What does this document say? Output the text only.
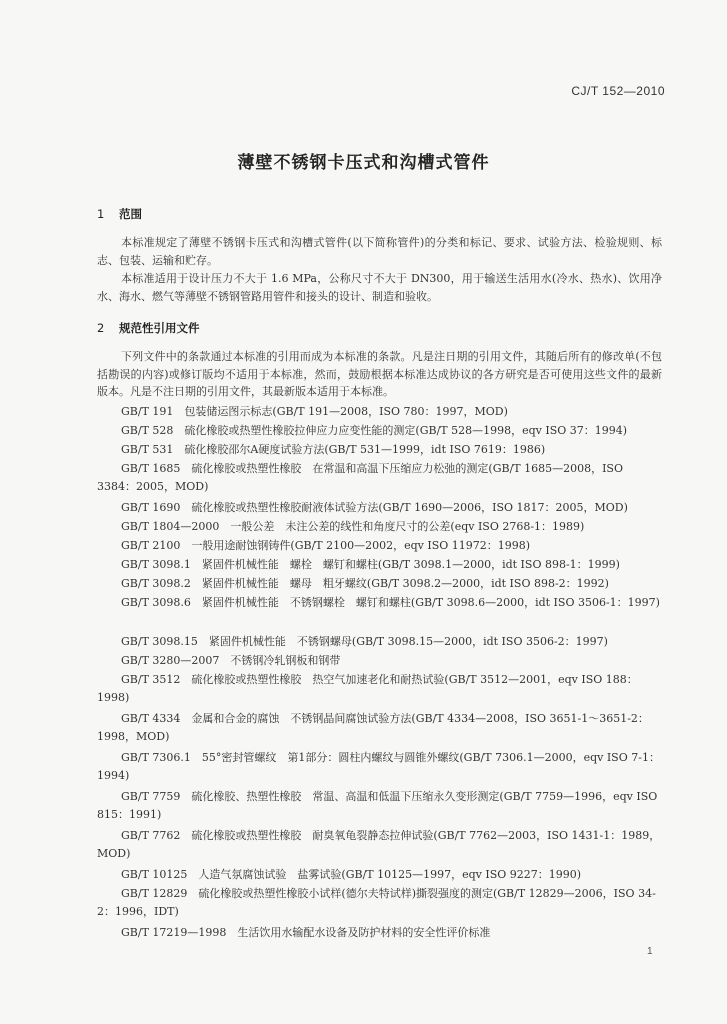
CJ/T 152—2010
薄壁不锈钢卡压式和沟槽式管件
1 范围
本标准规定了薄壁不锈钢卡压式和沟槽式管件(以下简称管件)的分类和标记、要求、试验方法、检验规则、标志、包装、运输和贮存。
本标准适用于设计压力不大于 1.6 MPa，公称尺寸不大于 DN300，用于输送生活用水(冷水、热水)、饮用净水、海水、燃气等薄壁不锈钢管路用管件和接头的设计、制造和验收。
2 规范性引用文件
下列文件中的条款通过本标准的引用而成为本标准的条款。凡是注日期的引用文件，其随后所有的修改单(不包括勘误的内容)或修订版均不适用于本标准，然而，鼓励根据本标准达成协议的各方研究是否可使用这些文件的最新版本。凡是不注日期的引用文件，其最新版本适用于本标准。
GB/T 191　包装储运图示标志(GB/T 191—2008，ISO 780：1997，MOD)
GB/T 528　硫化橡胶或热塑性橡胶拉伸应力应变性能的测定(GB/T 528—1998，eqv ISO 37：1994)
GB/T 531　硫化橡胶邵尔A硬度试验方法(GB/T 531—1999，idt ISO 7619：1986)
GB/T 1685　硫化橡胶或热塑性橡胶　在常温和高温下压缩应力松弛的测定(GB/T 1685—2008，ISO 3384：2005，MOD)
GB/T 1690　硫化橡胶或热塑性橡胶耐液体试验方法(GB/T 1690—2006，ISO 1817：2005，MOD)
GB/T 1804—2000　一般公差　未注公差的线性和角度尺寸的公差(eqv ISO 2768-1：1989)
GB/T 2100　一般用途耐蚀钢铸件(GB/T 2100—2002，eqv ISO 11972：1998)
GB/T 3098.1　紧固件机械性能　螺栓　螺钉和螺柱(GB/T 3098.1—2000，idt ISO 898-1：1999)
GB/T 3098.2　紧固件机械性能　螺母　粗牙螺纹(GB/T 3098.2—2000，idt ISO 898-2：1992)
GB/T 3098.6　紧固件机械性能　不锈钢螺栓　螺钉和螺柱(GB/T 3098.6—2000，idt ISO 3506-1：1997)
GB/T 3098.15　紧固件机械性能　不锈钢螺母(GB/T 3098.15—2000，idt ISO 3506-2：1997)
GB/T 3280—2007　不锈钢冷轧钢板和钢带
GB/T 3512　硫化橡胶或热塑性橡胶　热空气加速老化和耐热试验(GB/T 3512—2001，eqv ISO 188：1998)
GB/T 4334　金属和合金的腐蚀　不锈钢晶间腐蚀试验方法(GB/T 4334—2008，ISO 3651-1～3651-2：1998，MOD)
GB/T 7306.1　55°密封管螺纹　第1部分：圆柱内螺纹与圆锥外螺纹(GB/T 7306.1—2000，eqv ISO 7-1：1994)
GB/T 7759　硫化橡胶、热塑性橡胶　常温、高温和低温下压缩永久变形测定(GB/T 7759—1996，eqv ISO 815：1991)
GB/T 7762　硫化橡胶或热塑性橡胶　耐臭氧龟裂静态拉伸试验(GB/T 7762—2003，ISO 1431-1：1989，MOD)
GB/T 10125　人造气氛腐蚀试验　盐雾试验(GB/T 10125—1997，eqv ISO 9227：1990)
GB/T 12829　硫化橡胶或热塑性橡胶小试样(德尔夫特试样)撕裂强度的测定(GB/T 12829—2006，ISO 34-2：1996，IDT)
GB/T 17219—1998　生活饮用水输配水设备及防护材料的安全性评价标准
1
